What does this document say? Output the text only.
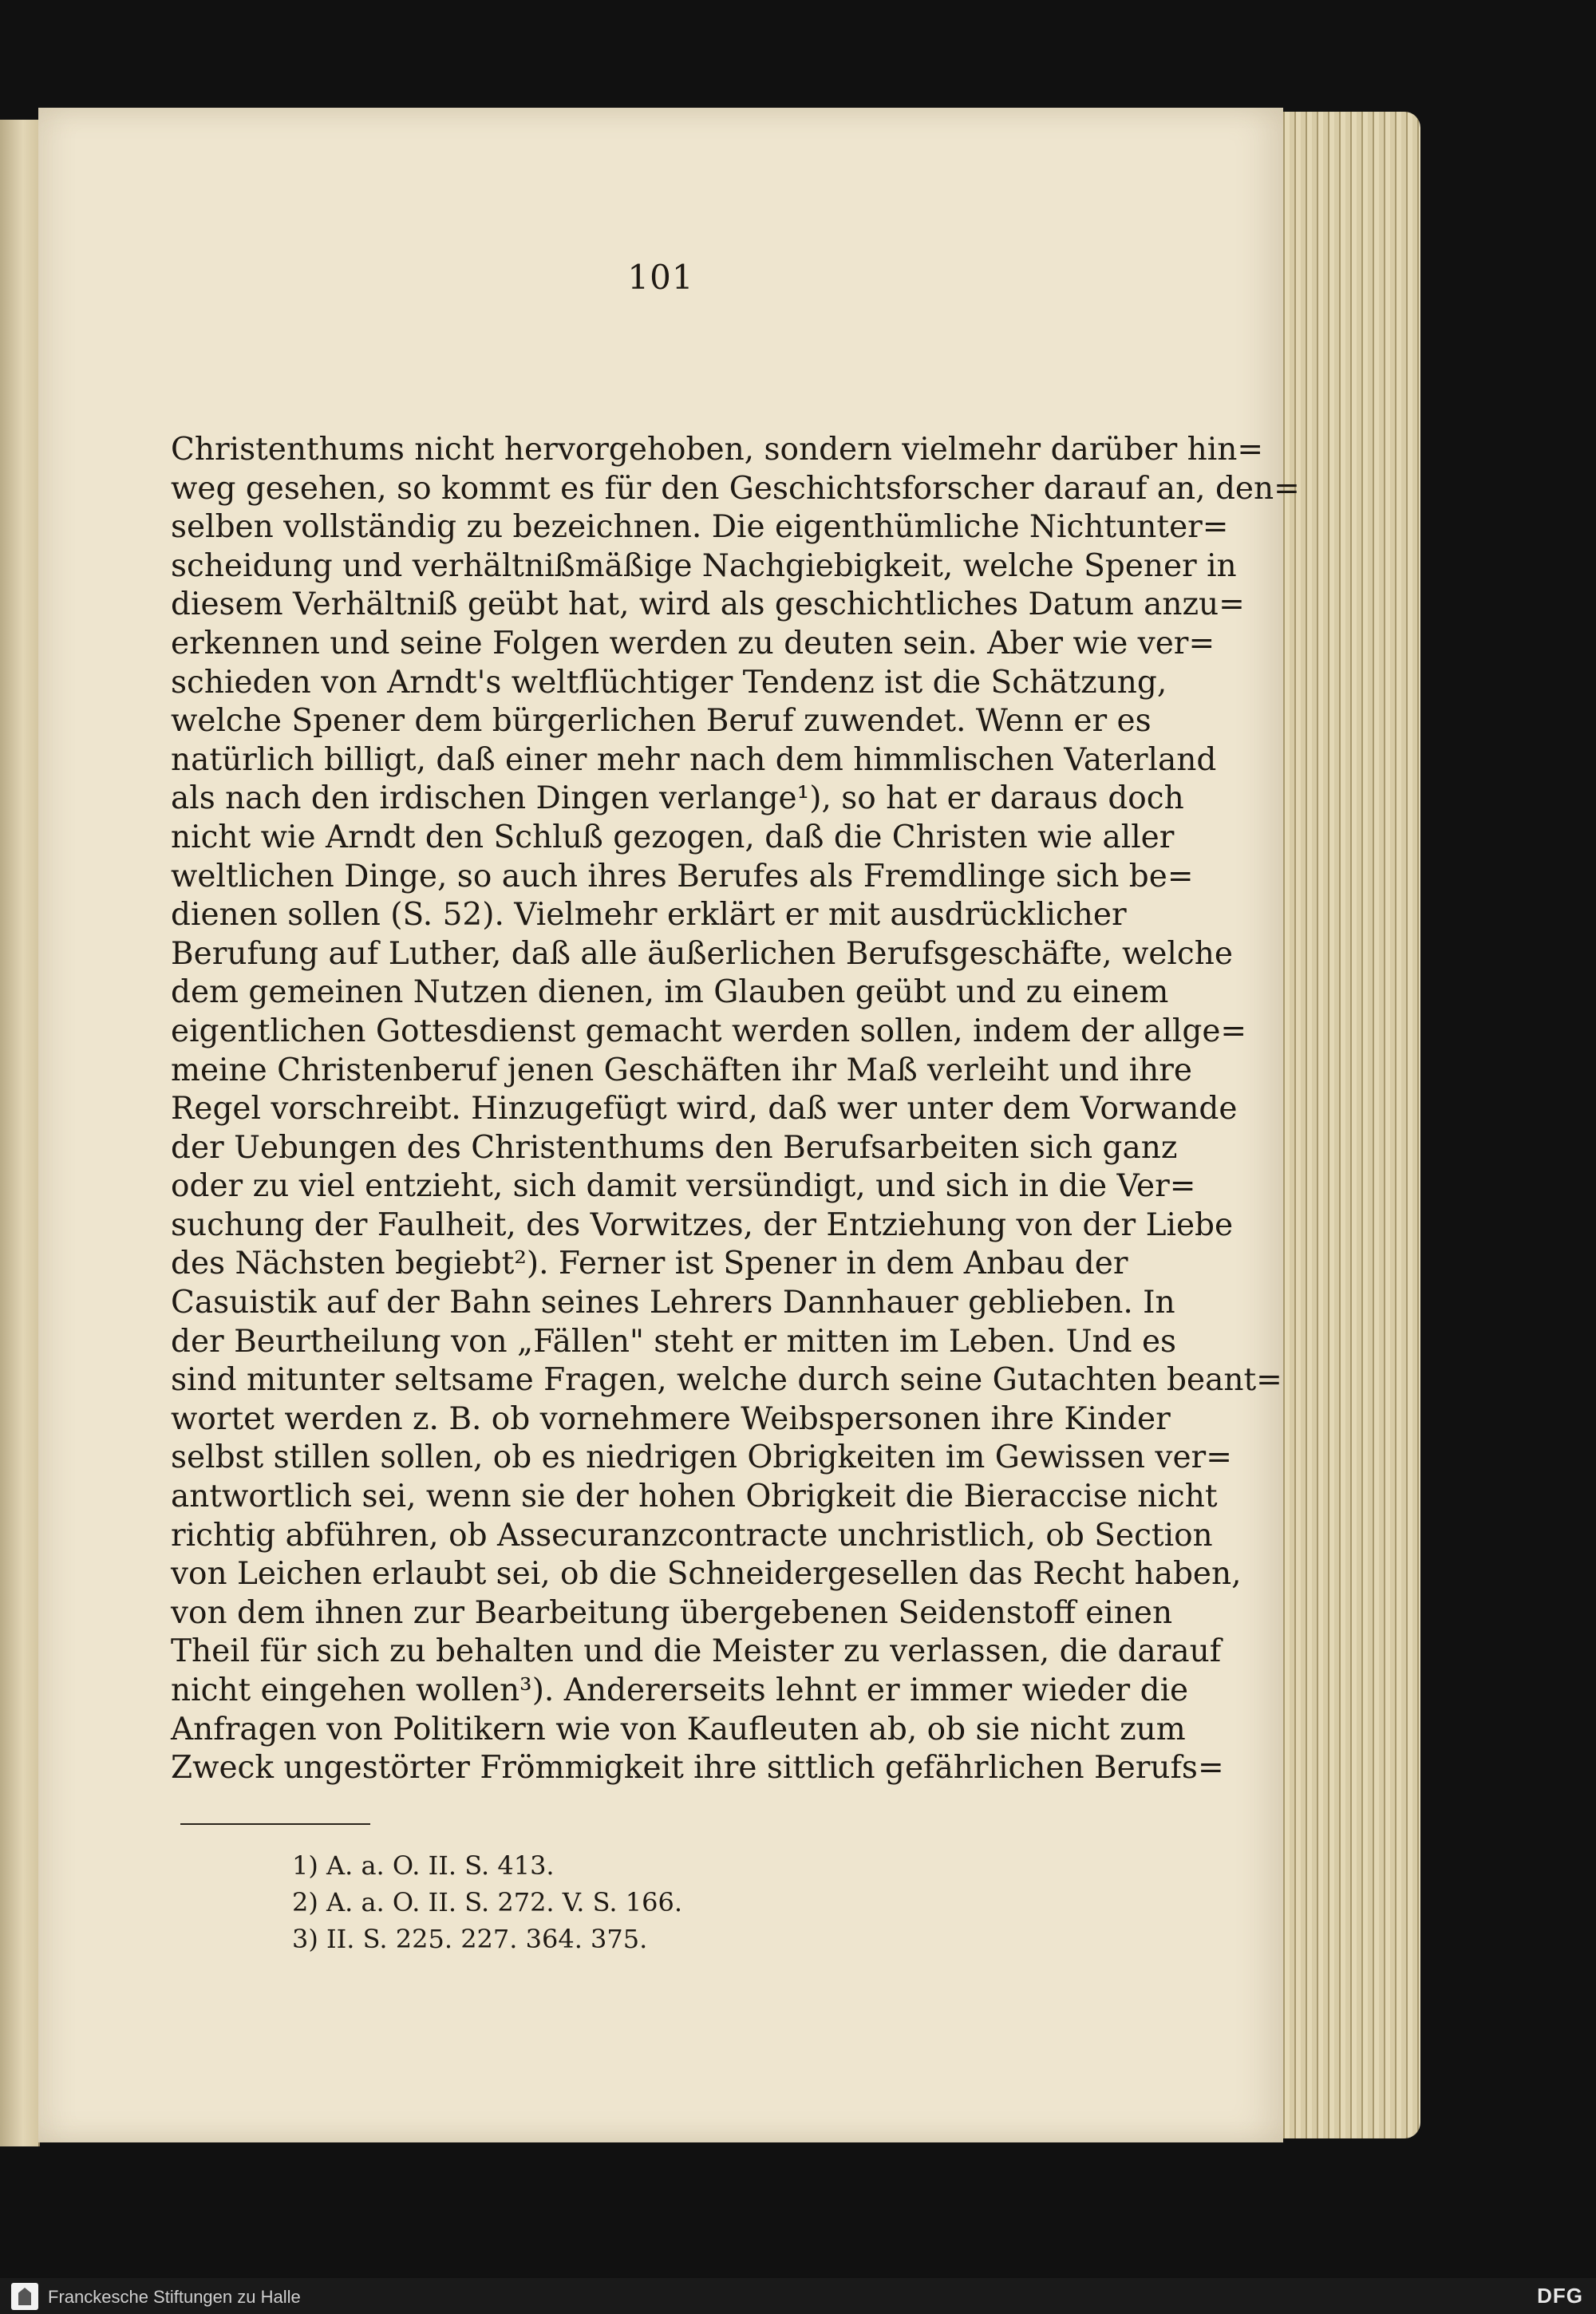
101
Christenthums nicht hervorgehoben, sondern vielmehr darüber hin=
weg gesehen, so kommt es für den Geschichtsforscher darauf an, den=
selben vollständig zu bezeichnen. Die eigenthümliche Nichtunter=
scheidung und verhältnißmäßige Nachgiebigkeit, welche Spener in
diesem Verhältniß geübt hat, wird als geschichtliches Datum anzu=
erkennen und seine Folgen werden zu deuten sein. Aber wie ver=
schieden von Arndt's weltflüchtiger Tendenz ist die Schätzung,
welche Spener dem bürgerlichen Beruf zuwendet. Wenn er es
natürlich billigt, daß einer mehr nach dem himmlischen Vaterland
als nach den irdischen Dingen verlange¹), so hat er daraus doch
nicht wie Arndt den Schluß gezogen, daß die Christen wie aller
weltlichen Dinge, so auch ihres Berufes als Fremdlinge sich be=
dienen sollen (S. 52). Vielmehr erklärt er mit ausdrücklicher
Berufung auf Luther, daß alle äußerlichen Berufsgeschäfte, welche
dem gemeinen Nutzen dienen, im Glauben geübt und zu einem
eigentlichen Gottesdienst gemacht werden sollen, indem der allge=
meine Christenberuf jenen Geschäften ihr Maß verleiht und ihre
Regel vorschreibt. Hinzugefügt wird, daß wer unter dem Vorwande
der Uebungen des Christenthums den Berufsarbeiten sich ganz
oder zu viel entzieht, sich damit versündigt, und sich in die Ver=
suchung der Faulheit, des Vorwitzes, der Entziehung von der Liebe
des Nächsten begiebt²). Ferner ist Spener in dem Anbau der
Casuistik auf der Bahn seines Lehrers Dannhauer geblieben. In
der Beurtheilung von „Fällen" steht er mitten im Leben. Und es
sind mitunter seltsame Fragen, welche durch seine Gutachten beant=
wortet werden z. B. ob vornehmere Weibspersonen ihre Kinder
selbst stillen sollen, ob es niedrigen Obrigkeiten im Gewissen ver=
antwortlich sei, wenn sie der hohen Obrigkeit die Bieraccise nicht
richtig abführen, ob Assecuranzcontracte unchristlich, ob Section
von Leichen erlaubt sei, ob die Schneidergesellen das Recht haben,
von dem ihnen zur Bearbeitung übergebenen Seidenstoff einen
Theil für sich zu behalten und die Meister zu verlassen, die darauf
nicht eingehen wollen³). Andererseits lehnt er immer wieder die
Anfragen von Politikern wie von Kaufleuten ab, ob sie nicht zum
Zweck ungestörter Frömmigkeit ihre sittlich gefährlichen Berufs=
1) A. a. O. II. S. 413.
2) A. a. O. II. S. 272. V. S. 166.
3) II. S. 225. 227. 364. 375.
Franckesche Stiftungen zu Halle	DFG
